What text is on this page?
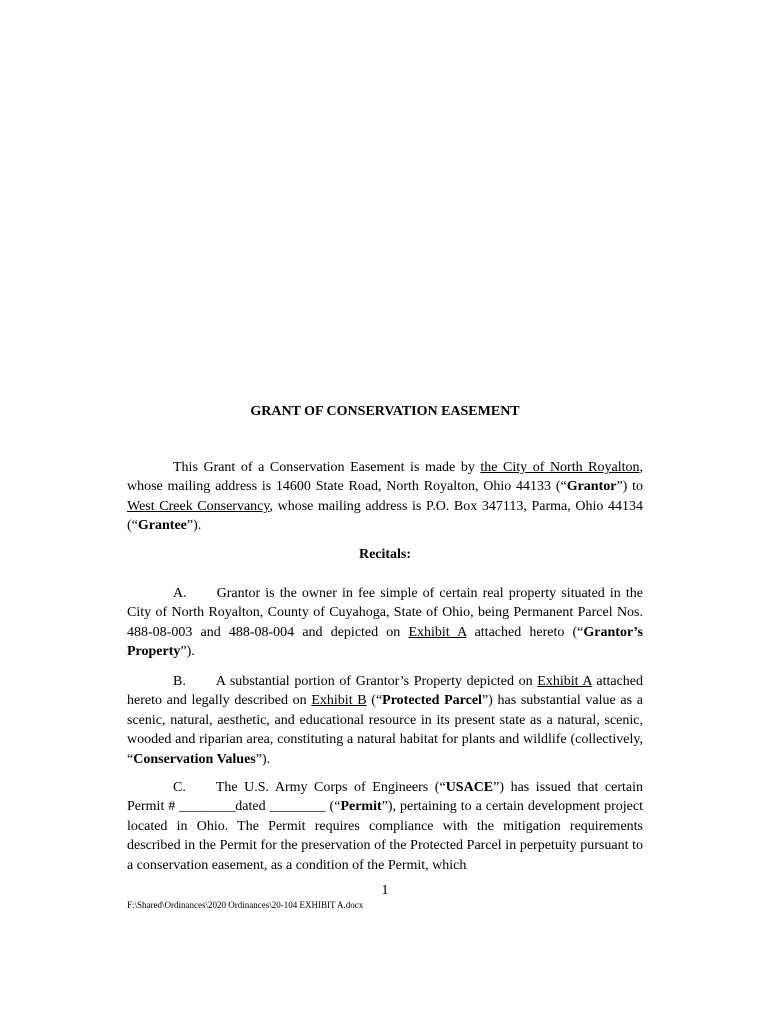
GRANT OF CONSERVATION EASEMENT

This Grant of a Conservation Easement is made by the City of North Royalton, whose mailing address is 14600 State Road, North Royalton, Ohio 44133 (“Grantor”) to West Creek Conservancy, whose mailing address is P.O. Box 347113, Parma, Ohio 44134 (“Grantee”).

Recitals:

A. Grantor is the owner in fee simple of certain real property situated in the City of North Royalton, County of Cuyahoga, State of Ohio, being Permanent Parcel Nos. 488-08-003 and 488-08-004 and depicted on Exhibit A attached hereto (“Grantor’s Property”).

B. A substantial portion of Grantor’s Property depicted on Exhibit A attached hereto and legally described on Exhibit B (“Protected Parcel”) has substantial value as a scenic, natural, aesthetic, and educational resource in its present state as a natural, scenic, wooded and riparian area, constituting a natural habitat for plants and wildlife (collectively, “Conservation Values”).

C. The U.S. Army Corps of Engineers (“USACE”) has issued that certain Permit # ________dated ________ (“Permit”), pertaining to a certain development project located in Ohio. The Permit requires compliance with the mitigation requirements described in the Permit for the preservation of the Protected Parcel in perpetuity pursuant to a conservation easement, as a condition of the Permit, which

1
F:\Shared\Ordinances\2020 Ordinances\20-104 EXHIBIT A.docx
